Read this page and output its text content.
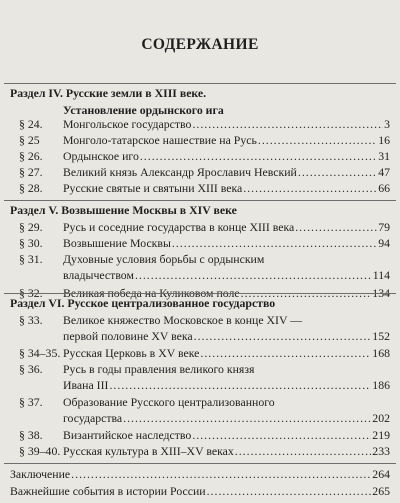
СОДЕРЖАНИЕ
Раздел IV. Русские земли в XIII веке.
Установление ордынского ига
§ 24.	Монгольское государство .....	3
§ 25	Монголо-татарское нашествие на Русь .....	16
§ 26.	Ордынское иго .....	31
§ 27.	Великий князь Александр Ярославич Невский .....	47
§ 28.	Русские святые и святыни XIII века .....	66
Раздел V. Возвышение Москвы в XIV веке
§ 29.	Русь и соседние государства в конце XIII века .....	79
§ 30.	Возвышение Москвы .....	94
§ 31.	Духовные условия борьбы с ордынским
владычеством .....	114
§ 32.	Великая победа на Куликовом поле .....	134
Раздел VI. Русское централизованное государство
§ 33.	Великое княжество Московское в конце XIV —
первой половине XV века .....	152
§ 34–35. Русская Церковь в XV веке .....	168
§ 36.	Русь в годы правления великого князя
Ивана III .....	186
§ 37.	Образование Русского централизованного
государства .....	202
§ 38.	Византийское наследство .....	219
§ 39–40. Русская культура в XIII–XV веках .....	233
Заключение .....	264
Важнейшие события в истории России .....	265
